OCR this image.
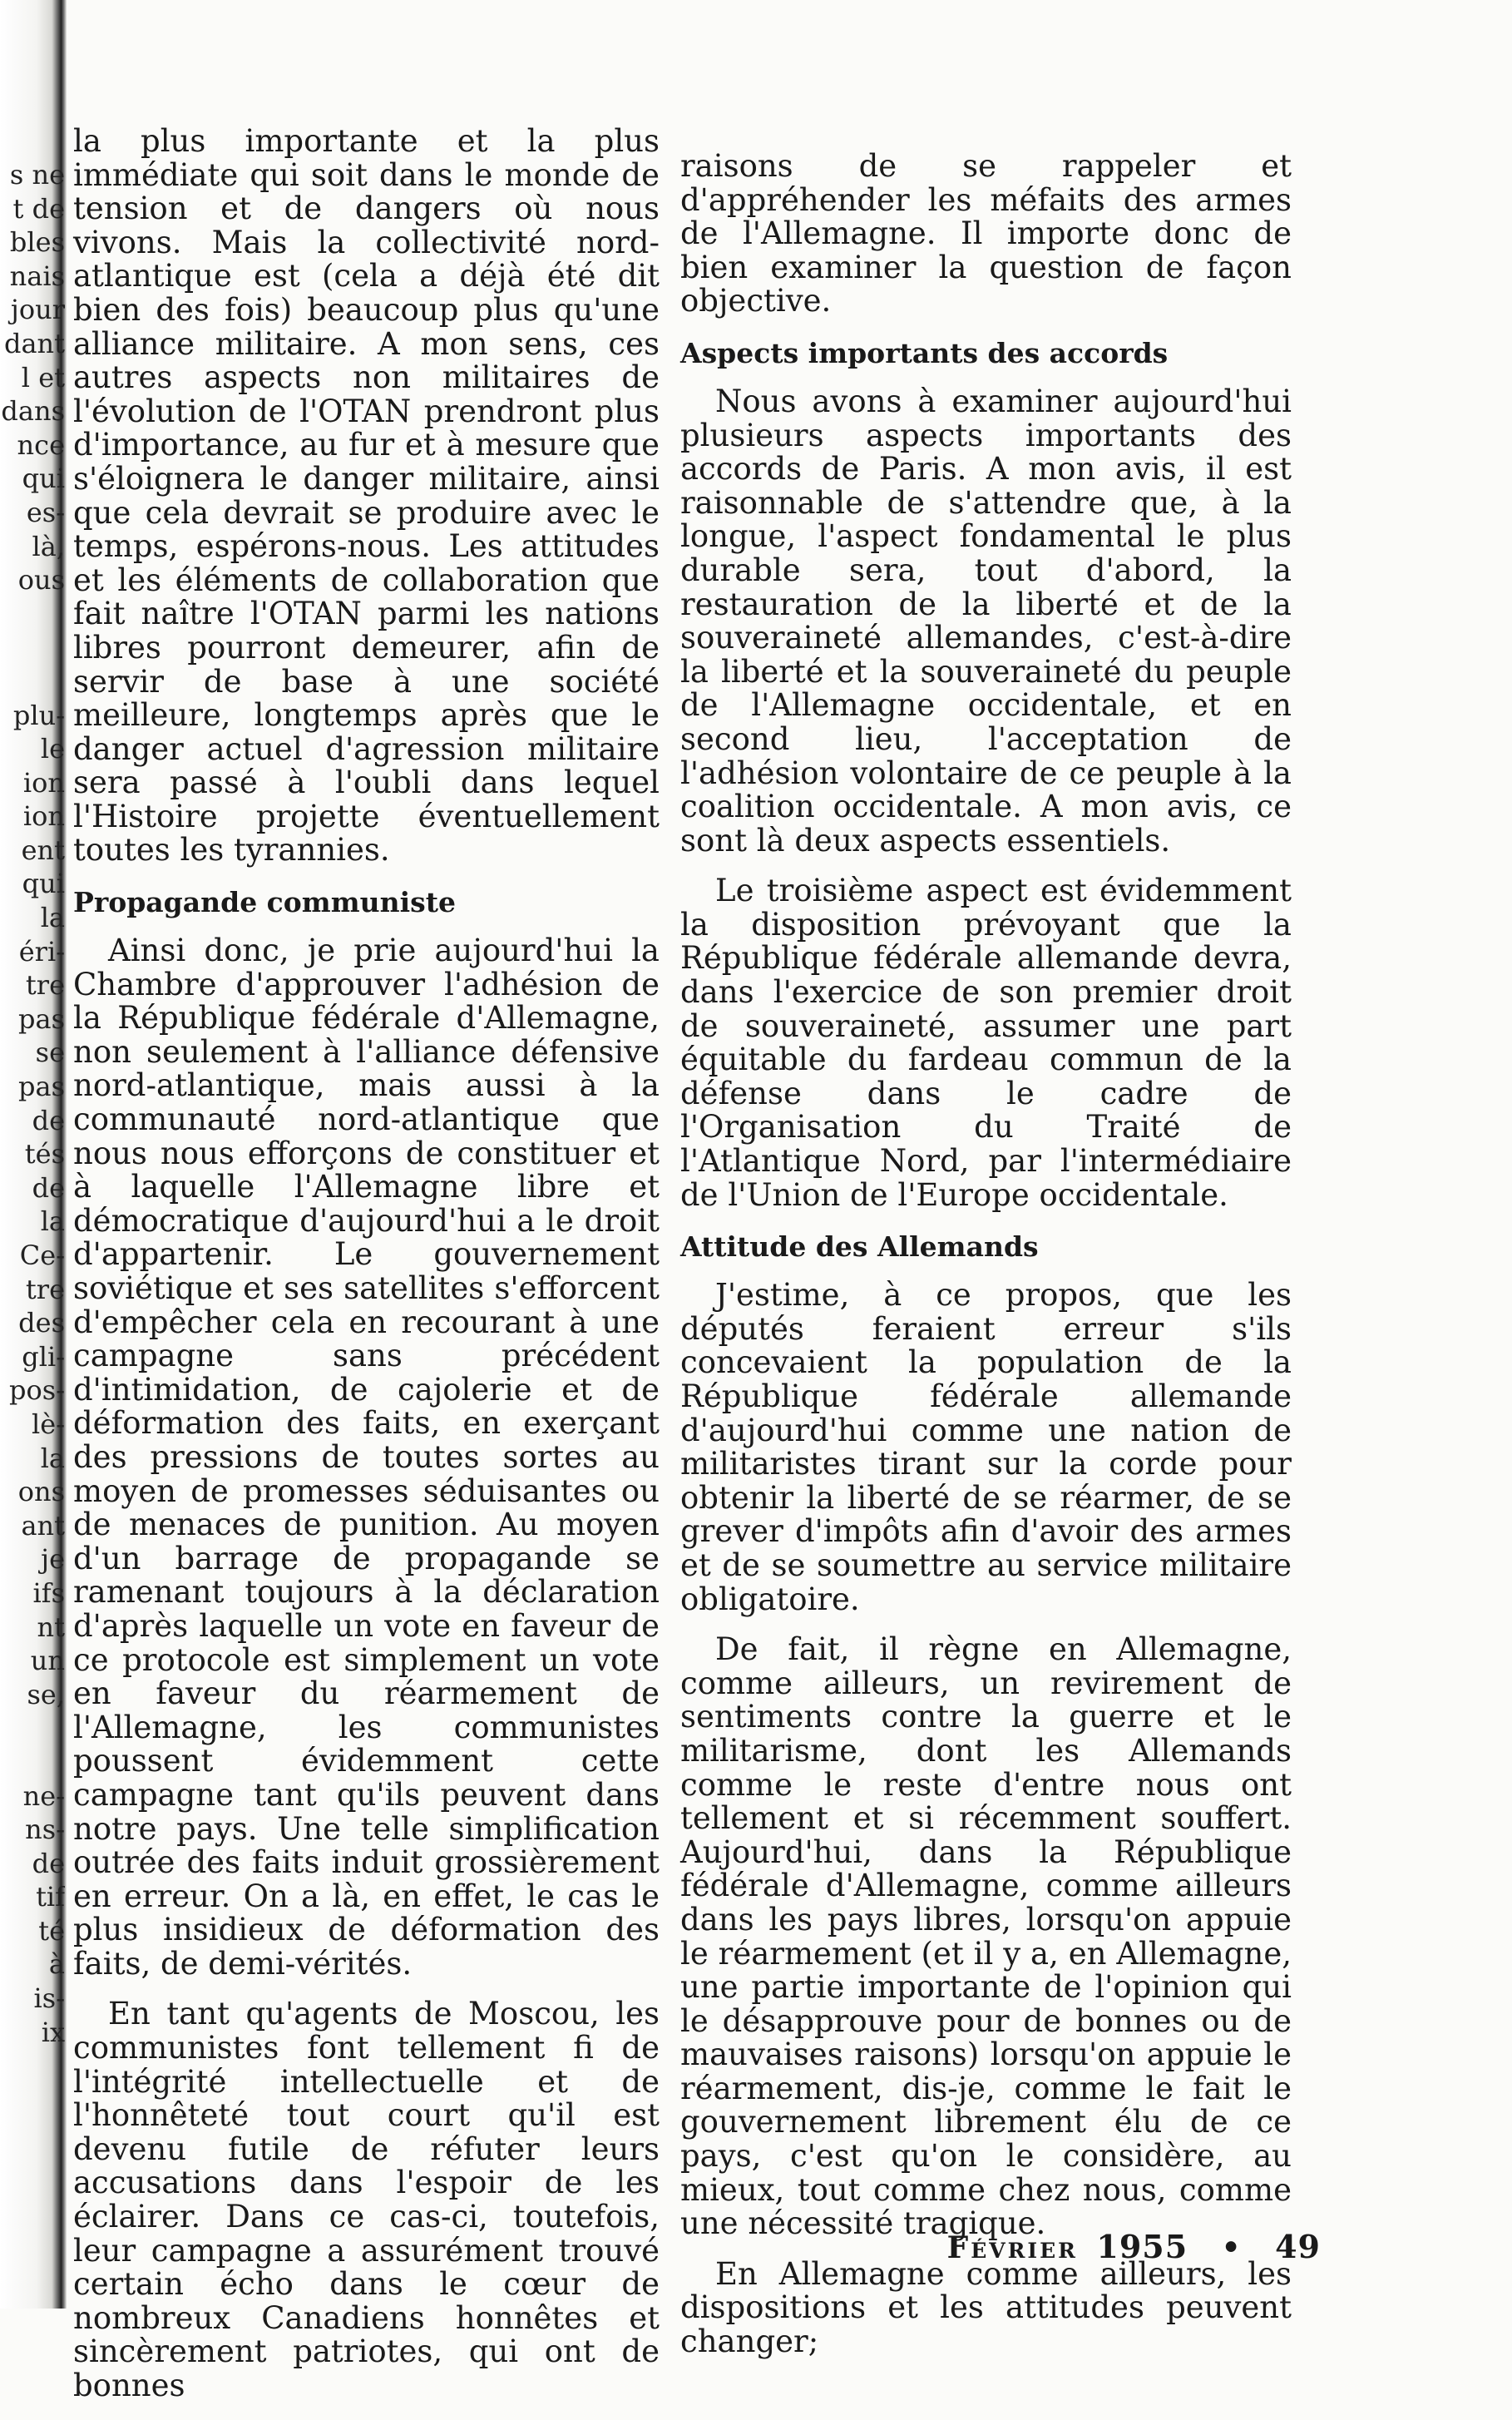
s ne
t de
bles
nais
jour
dant
l et
dans
nce
qui
es-
là,
ous

plu-
le
ion
ion
ent
qui
la
éri-
tre
pas
se
pas
de
tés
de
la
Ce-
tre
des
gli-
pos-
lè-
la
ons
ant
je
ifs
nt
un
se,

ne-
ns-
de
tif
té
à
is-
ix

la plus importante et la plus immédiate qui soit dans le monde de tension et de dangers où nous vivons. Mais la collectivité nord-atlantique est (cela a déjà été dit bien des fois) beaucoup plus qu'une alliance militaire. A mon sens, ces autres aspects non militaires de l'évolution de l'OTAN prendront plus d'importance, au fur et à mesure que s'éloignera le danger militaire, ainsi que cela devrait se produire avec le temps, espérons-nous. Les attitudes et les éléments de collaboration que fait naître l'OTAN parmi les nations libres pourront demeurer, afin de servir de base à une société meilleure, longtemps après que le danger actuel d'agression militaire sera passé à l'oubli dans lequel l'Histoire projette éventuellement toutes les tyrannies.

Propagande communiste

Ainsi donc, je prie aujourd'hui la Chambre d'approuver l'adhésion de la République fédérale d'Allemagne, non seulement à l'alliance défensive nord-atlantique, mais aussi à la communauté nord-atlantique que nous nous efforçons de constituer et à laquelle l'Allemagne libre et démocratique d'aujourd'hui a le droit d'appartenir. Le gouvernement soviétique et ses satellites s'efforcent d'empêcher cela en recourant à une campagne sans précédent d'intimidation, de cajolerie et de déformation des faits, en exerçant des pressions de toutes sortes au moyen de promesses séduisantes ou de menaces de punition. Au moyen d'un barrage de propagande se ramenant toujours à la déclaration d'après laquelle un vote en faveur de ce protocole est simplement un vote en faveur du réarmement de l'Allemagne, les communistes poussent évidemment cette campagne tant qu'ils peuvent dans notre pays. Une telle simplification outrée des faits induit grossièrement en erreur. On a là, en effet, le cas le plus insidieux de déformation des faits, de demi-vérités.

En tant qu'agents de Moscou, les communistes font tellement fi de l'intégrité intellectuelle et de l'honnêteté tout court qu'il est devenu futile de réfuter leurs accusations dans l'espoir de les éclairer. Dans ce cas-ci, toutefois, leur campagne a assurément trouvé certain écho dans le cœur de nombreux Canadiens honnêtes et sincèrement patriotes, qui ont de bonnes

raisons de se rappeler et d'appréhender les méfaits des armes de l'Allemagne. Il importe donc de bien examiner la question de façon objective.

Aspects importants des accords

Nous avons à examiner aujourd'hui plusieurs aspects importants des accords de Paris. A mon avis, il est raisonnable de s'attendre que, à la longue, l'aspect fondamental le plus durable sera, tout d'abord, la restauration de la liberté et de la souveraineté allemandes, c'est-à-dire la liberté et la souveraineté du peuple de l'Allemagne occidentale, et en second lieu, l'acceptation de l'adhésion volontaire de ce peuple à la coalition occidentale. A mon avis, ce sont là deux aspects essentiels.

Le troisième aspect est évidemment la disposition prévoyant que la République fédérale allemande devra, dans l'exercice de son premier droit de souveraineté, assumer une part équitable du fardeau commun de la défense dans le cadre de l'Organisation du Traité de l'Atlantique Nord, par l'intermédiaire de l'Union de l'Europe occidentale.

Attitude des Allemands

J'estime, à ce propos, que les députés feraient erreur s'ils concevaient la population de la République fédérale allemande d'aujourd'hui comme une nation de militaristes tirant sur la corde pour obtenir la liberté de se réarmer, de se grever d'impôts afin d'avoir des armes et de se soumettre au service militaire obligatoire.

De fait, il règne en Allemagne, comme ailleurs, un revirement de sentiments contre la guerre et le militarisme, dont les Allemands comme le reste d'entre nous ont tellement et si récemment souffert. Aujourd'hui, dans la République fédérale d'Allemagne, comme ailleurs dans les pays libres, lorsqu'on appuie le réarmement (et il y a, en Allemagne, une partie importante de l'opinion qui le désapprouve pour de bonnes ou de mauvaises raisons) lorsqu'on appuie le réarmement, dis-je, comme le fait le gouvernement librement élu de ce pays, c'est qu'on le considère, au mieux, tout comme chez nous, comme une nécessité tragique.

En Allemagne comme ailleurs, les dispositions et les attitudes peuvent changer;

Février 1955 • 49
